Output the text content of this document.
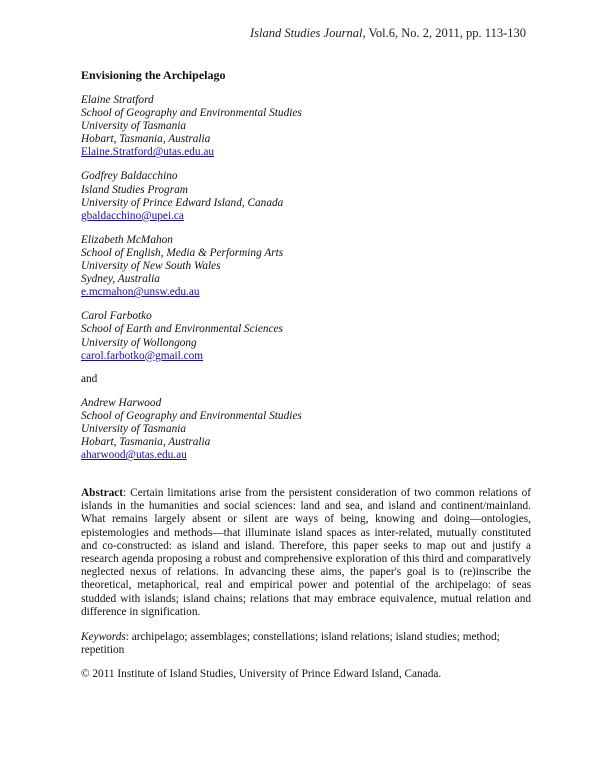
Island Studies Journal, Vol.6, No. 2, 2011, pp. 113-130
Envisioning the Archipelago
Elaine Stratford
School of Geography and Environmental Studies
University of Tasmania
Hobart, Tasmania, Australia
Elaine.Stratford@utas.edu.au
Godfrey Baldacchino
Island Studies Program
University of Prince Edward Island, Canada
gbaldacchino@upei.ca
Elizabeth McMahon
School of English, Media & Performing Arts
University of New South Wales
Sydney, Australia
e.mcmahon@unsw.edu.au
Carol Farbotko
School of Earth and Environmental Sciences
University of Wollongong
carol.farbotko@gmail.com
and
Andrew Harwood
School of Geography and Environmental Studies
University of Tasmania
Hobart, Tasmania, Australia
aharwood@utas.edu.au
Abstract: Certain limitations arise from the persistent consideration of two common relations of islands in the humanities and social sciences: land and sea, and island and continent/mainland. What remains largely absent or silent are ways of being, knowing and doing—ontologies, epistemologies and methods—that illuminate island spaces as inter-related, mutually constituted and co-constructed: as island and island. Therefore, this paper seeks to map out and justify a research agenda proposing a robust and comprehensive exploration of this third and comparatively neglected nexus of relations. In advancing these aims, the paper's goal is to (re)inscribe the theoretical, metaphorical, real and empirical power and potential of the archipelago: of seas studded with islands; island chains; relations that may embrace equivalence, mutual relation and difference in signification.
Keywords: archipelago; assemblages; constellations; island relations; island studies; method; repetition
© 2011 Institute of Island Studies, University of Prince Edward Island, Canada.
